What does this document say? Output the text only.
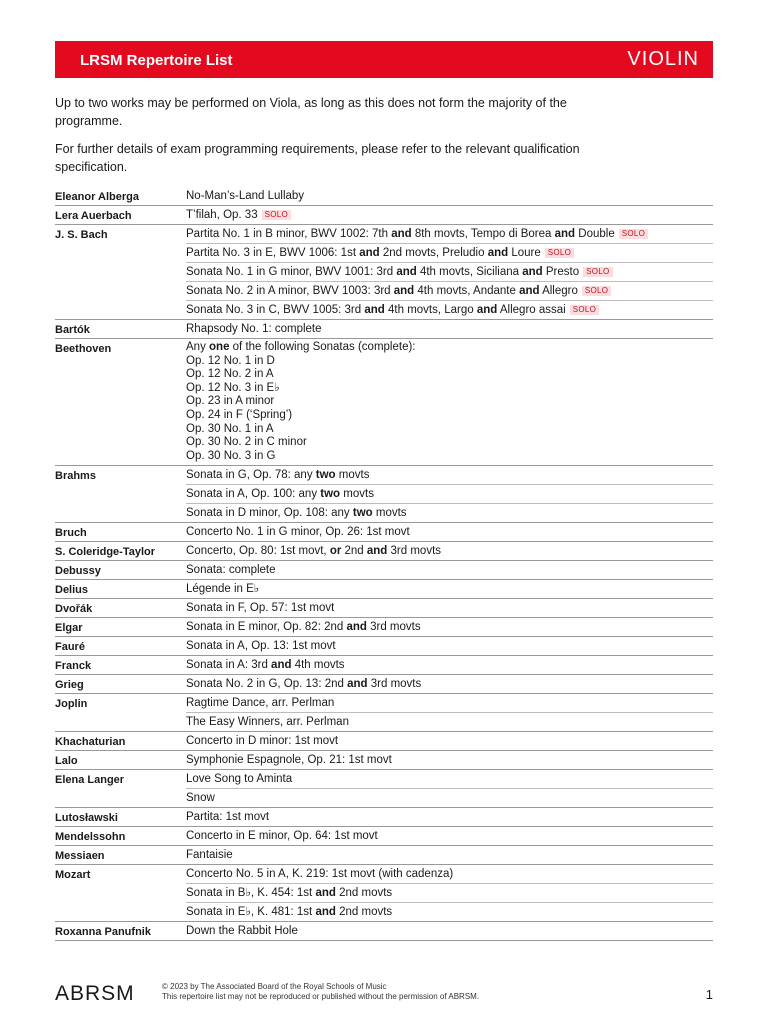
LRSM Repertoire List	VIOLIN

Up to two works may be performed on Viola, as long as this does not form the majority of the programme.

For further details of exam programming requirements, please refer to the relevant qualification specification.

Eleanor Alberga	No-Man’s-Land Lullaby
Lera Auerbach	T’filah, Op. 33 SOLO
J. S. Bach	Partita No. 1 in B minor, BWV 1002: 7th and 8th movts, Tempo di Borea and Double SOLO
Partita No. 3 in E, BWV 1006: 1st and 2nd movts, Preludio and Loure SOLO
Sonata No. 1 in G minor, BWV 1001: 3rd and 4th movts, Siciliana and Presto SOLO
Sonata No. 2 in A minor, BWV 1003: 3rd and 4th movts, Andante and Allegro SOLO
Sonata No. 3 in C, BWV 1005: 3rd and 4th movts, Largo and Allegro assai SOLO
Bartók	Rhapsody No. 1: complete
Beethoven	Any one of the following Sonatas (complete):
Op. 12 No. 1 in D
Op. 12 No. 2 in A
Op. 12 No. 3 in E♭
Op. 23 in A minor
Op. 24 in F (‘Spring’)
Op. 30 No. 1 in A
Op. 30 No. 2 in C minor
Op. 30 No. 3 in G
Brahms	Sonata in G, Op. 78: any two movts
Sonata in A, Op. 100: any two movts
Sonata in D minor, Op. 108: any two movts
Bruch	Concerto No. 1 in G minor, Op. 26: 1st movt
S. Coleridge-Taylor	Concerto, Op. 80: 1st movt, or 2nd and 3rd movts
Debussy	Sonata: complete
Delius	Légende in E♭
Dvořák	Sonata in F, Op. 57: 1st movt
Elgar	Sonata in E minor, Op. 82: 2nd and 3rd movts
Fauré	Sonata in A, Op. 13: 1st movt
Franck	Sonata in A: 3rd and 4th movts
Grieg	Sonata No. 2 in G, Op. 13: 2nd and 3rd movts
Joplin	Ragtime Dance, arr. Perlman
The Easy Winners, arr. Perlman
Khachaturian	Concerto in D minor: 1st movt
Lalo	Symphonie Espagnole, Op. 21: 1st movt
Elena Langer	Love Song to Aminta
Snow
Lutosławski	Partita: 1st movt
Mendelssohn	Concerto in E minor, Op. 64: 1st movt
Messiaen	Fantaisie
Mozart	Concerto No. 5 in A, K. 219: 1st movt (with cadenza)
Sonata in B♭, K. 454: 1st and 2nd movts
Sonata in E♭, K. 481: 1st and 2nd movts
Roxanna Panufnik	Down the Rabbit Hole
ABRSM	© 2023 by The Associated Board of the Royal Schools of Music
This repertoire list may not be reproduced or published without the permission of ABRSM.	1
